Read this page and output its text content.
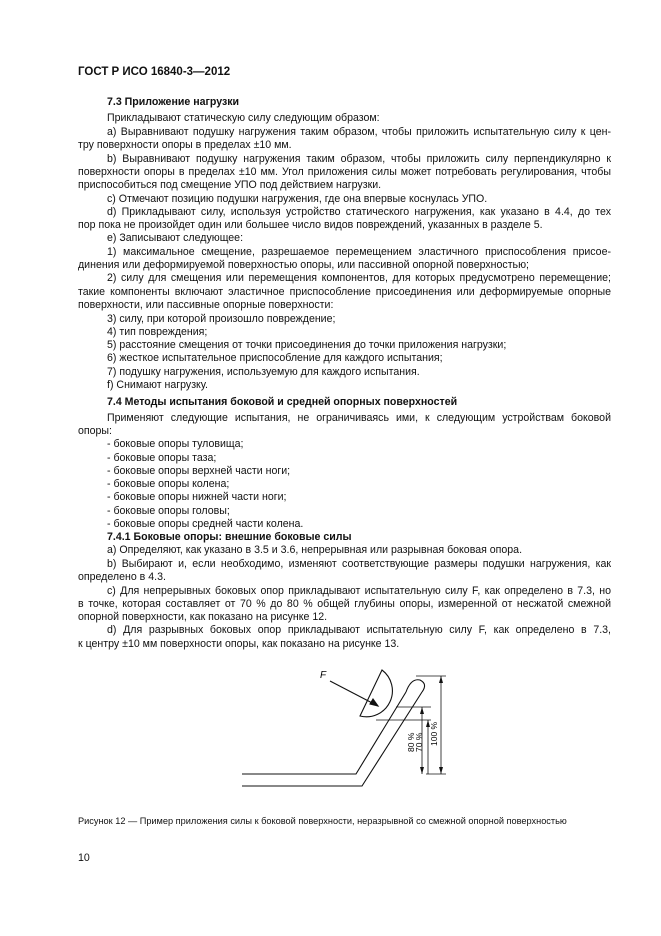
ГОСТ Р ИСО 16840-3—2012
7.3 Приложение нагрузки
Прикладывают статическую силу следующим образом:
а) Выравнивают подушку нагружения таким образом, чтобы приложить испытательную силу к цен-
тру поверхности опоры в пределах ±10 мм.
b) Выравнивают подушку нагружения таким образом, чтобы приложить силу перпендикулярно к
поверхности опоры в пределах ±10 мм. Угол приложения силы может потребовать регулирования, чтобы
приспособиться под смещение УПО под действием нагрузки.
с) Отмечают позицию подушки нагружения, где она впервые коснулась УПО.
d) Прикладывают силу, используя устройство статического нагружения, как указано в 4.4, до тех
пор пока не произойдет один или большее число видов повреждений, указанных в разделе 5.
е) Записывают следующее:
1) максимальное смещение, разрешаемое перемещением эластичного приспособления присое-
динения или деформируемой поверхностью опоры, или пассивной опорной поверхностью;
2) силу для смещения или перемещения компонентов, для которых предусмотрено перемещение;
такие компоненты включают эластичное приспособление присоединения или деформируемые опорные
поверхности, или пассивные опорные поверхности:
3) силу, при которой произошло повреждение;
4) тип повреждения;
5) расстояние смещения от точки присоединения до точки приложения нагрузки;
6) жесткое испытательное приспособление для каждого испытания;
7) подушку нагружения, используемую для каждого испытания.
f) Снимают нагрузку.
7.4 Методы испытания боковой и средней опорных поверхностей
Применяют следующие испытания, не ограничиваясь ими, к следующим устройствам боковой
опоры:
- боковые опоры туловища;
- боковые опоры таза;
- боковые опоры верхней части ноги;
- боковые опоры колена;
- боковые опоры нижней части ноги;
- боковые опоры головы;
- боковые опоры средней части колена.
7.4.1 Боковые опоры: внешние боковые силы
а) Определяют, как указано в 3.5 и 3.6, непрерывная или разрывная боковая опора.
b) Выбирают и, если необходимо, изменяют соответствующие размеры подушки нагружения, как
определено в 4.3.
с) Для непрерывных боковых опор прикладывают испытательную силу F, как определено в 7.3, но
в точке, которая составляет от 70 % до 80 % общей глубины опоры, измеренной от несжатой смежной
опорной поверхности, как показано на рисунке 12.
d) Для разрывных боковых опор прикладывают испытательную силу F, как определено в 7.3,
к центру ±10 мм поверхности опоры, как показано на рисунке 13.
F
80 %
70 % 100 %
Рисунок 12 — Пример приложения силы к боковой поверхности, неразрывной со смежной опорной поверхностью
10
